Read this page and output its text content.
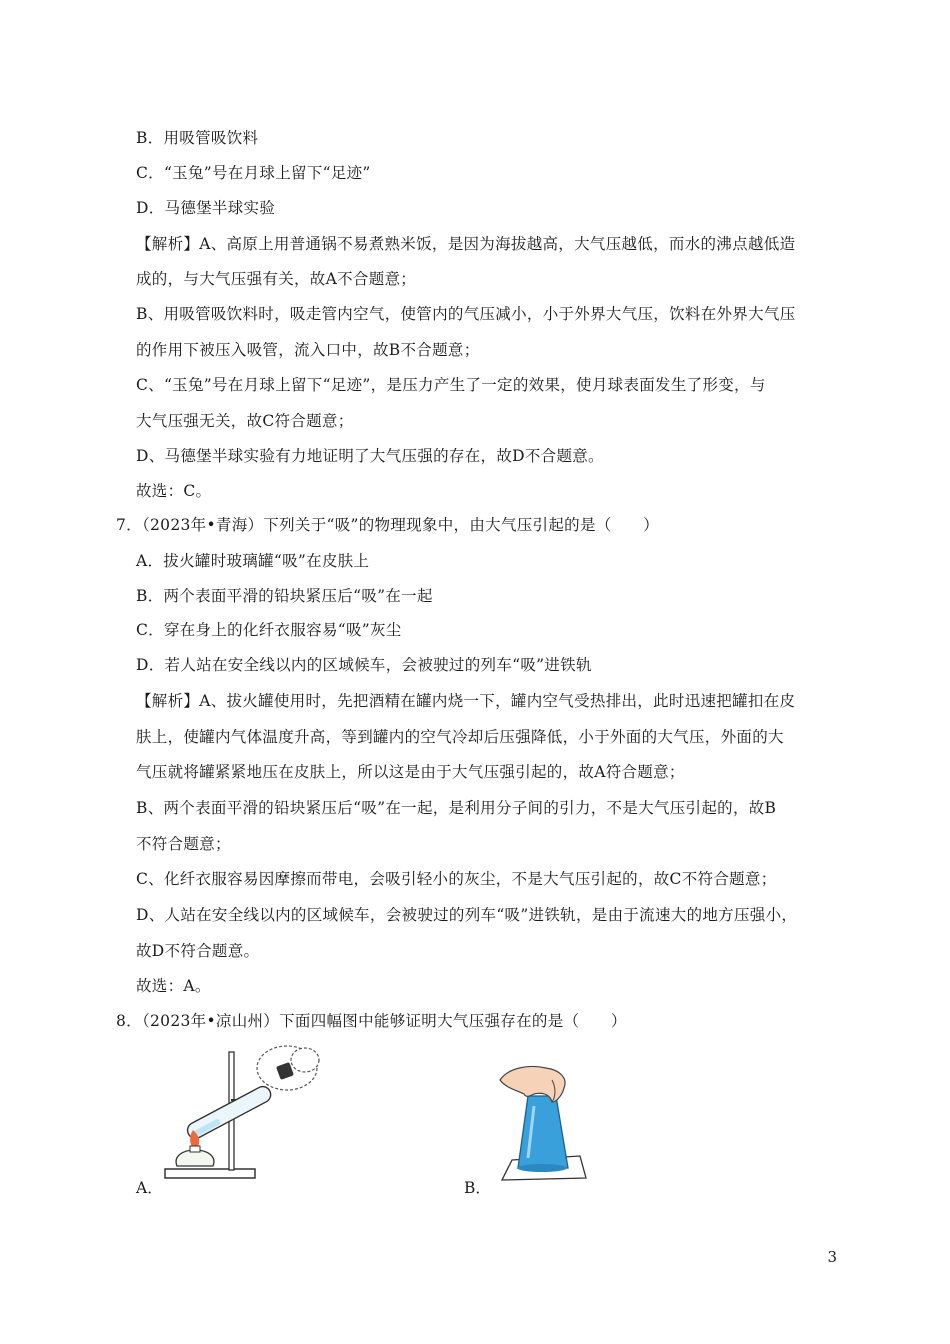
B．用吸管吸饮料
C．“玉兔”号在月球上留下“足迹”
D．马德堡半球实验
【解析】A、高原上用普通锅不易煮熟米饭，是因为海拔越高，大气压越低，而水的沸点越低造
成的，与大气压强有关，故A不合题意；
B、用吸管吸饮料时，吸走管内空气，使管内的气压减小，小于外界大气压，饮料在外界大气压
的作用下被压入吸管，流入口中，故B不合题意；
C、“玉兔”号在月球上留下“足迹”，是压力产生了一定的效果，使月球表面发生了形变，与
大气压强无关，故C符合题意；
D、马德堡半球实验有力地证明了大气压强的存在，故D不合题意。
故选：C。
7．（2023年•青海）下列关于“吸”的物理现象中，由大气压引起的是（　　）
A．拔火罐时玻璃罐“吸”在皮肤上
B．两个表面平滑的铅块紧压后“吸”在一起
C．穿在身上的化纤衣服容易“吸”灰尘
D．若人站在安全线以内的区域候车，会被驶过的列车“吸”进铁轨
【解析】A、拔火罐使用时，先把酒精在罐内烧一下，罐内空气受热排出，此时迅速把罐扣在皮
肤上，使罐内气体温度升高，等到罐内的空气冷却后压强降低，小于外面的大气压，外面的大
气压就将罐紧紧地压在皮肤上，所以这是由于大气压强引起的，故A符合题意；
B、两个表面平滑的铅块紧压后“吸”在一起，是利用分子间的引力，不是大气压引起的，故B
不符合题意；
C、化纤衣服容易因摩擦而带电，会吸引轻小的灰尘，不是大气压引起的，故C不符合题意；
D、人站在安全线以内的区域候车，会被驶过的列车“吸”进铁轨，是由于流速大的地方压强小，
故D不符合题意。
故选：A。
8．（2023年•凉山州）下面四幅图中能够证明大气压强存在的是（　　）
A．	B．
3
